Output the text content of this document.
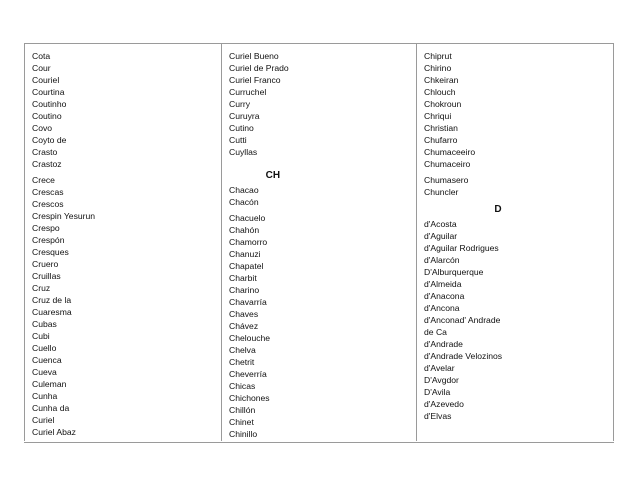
Cota
Cour
Couriel
Courtina
Coutinho
Coutino
Covo
Coyto de
Crasto
Crastoz
Crece
Crescas
Crescos
Crespin Yesurun
Crespo
Crespón
Cresques
Cruero
Cruillas
Cruz
Cruz de la
Cuaresma
Cubas
Cubi
Cuello
Cuenca
Cueva
Culeman
Cunha
Cunha da
Curiel
Curiel Abaz
Curiel Bueno
Curiel de Prado
Curiel Franco
Curruchel
Curry
Curuyra
Cutino
Cutti
Cuyllas
CH
Chacao
Chacón
Chacuelo
Chahón
Chamorro
Chanuzi
Chapatel
Charbit
Charino
Chavarría
Chaves
Chávez
Chelouche
Chelva
Chetrit
Cheverría
Chicas
Chichones
Chillón
Chinet
Chinillo
Chiprut
Chirino
Chkeiran
Chlouch
Chokroun
Chriqui
Christian
Chufarro
Chumaceeiro
Chumaceiro
Chumasero
Chuncler
D
d'Acosta
d'Aguilar
d'Aguilar Rodrigues
d'Alarcón
D'Alburquerque
d'Almeida
d'Anacona
d'Ancona
d'Anconad' Andrade
de Ca
d'Andrade
d'Andrade Velozinos
d'Avelar
D'Avgdor
D'Avila
d'Azevedo
d'Elvas
